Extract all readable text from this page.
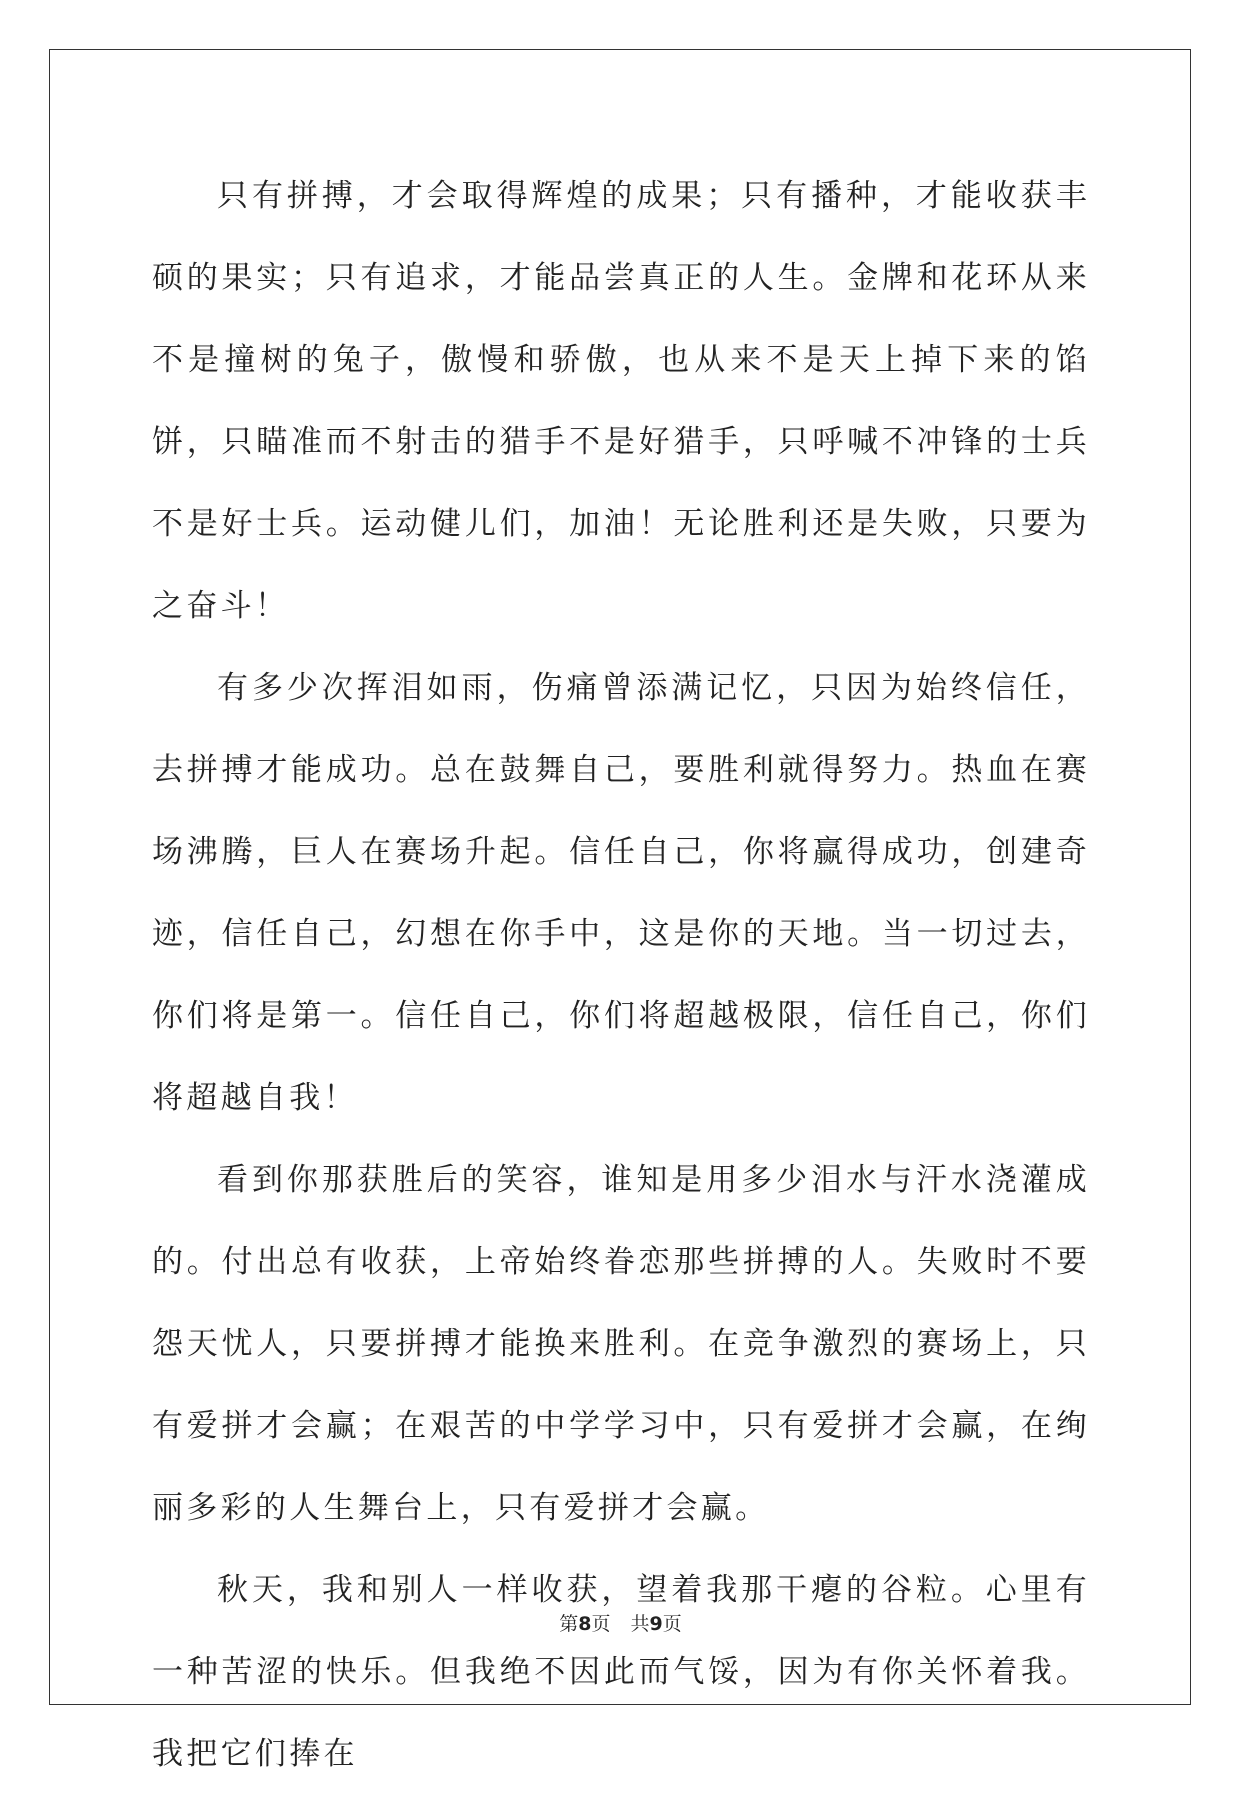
只有拼搏，才会取得辉煌的成果；只有播种，才能收获丰硕的果实；只有追求，才能品尝真正的人生。金牌和花环从来不是撞树的兔子，傲慢和骄傲，也从来不是天上掉下来的馅饼，只瞄准而不射击的猎手不是好猎手，只呼喊不冲锋的士兵不是好士兵。运动健儿们，加油！无论胜利还是失败，只要为之奋斗！

有多少次挥泪如雨，伤痛曾添满记忆，只因为始终信任，去拼搏才能成功。总在鼓舞自己，要胜利就得努力。热血在赛场沸腾，巨人在赛场升起。信任自己，你将赢得成功，创建奇迹，信任自己，幻想在你手中，这是你的天地。当一切过去，你们将是第一。信任自己，你们将超越极限，信任自己，你们将超越自我！

看到你那获胜后的笑容，谁知是用多少泪水与汗水浇灌成的。付出总有收获，上帝始终眷恋那些拼搏的人。失败时不要怨天忧人，只要拼搏才能换来胜利。在竞争激烈的赛场上，只有爱拼才会赢；在艰苦的中学学习中，只有爱拼才会赢，在绚丽多彩的人生舞台上，只有爱拼才会赢。

秋天，我和别人一样收获，望着我那干瘪的谷粒。心里有一种苦涩的快乐。但我绝不因此而气馁，因为有你关怀着我。我把它们捧在

第8页 共9页
